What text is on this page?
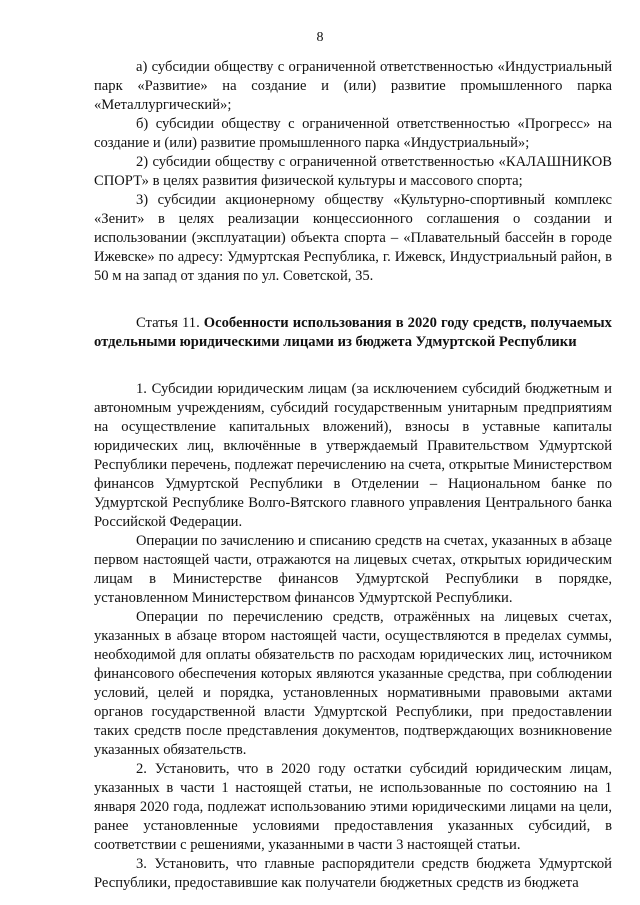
8

а) субсидии обществу с ограниченной ответственностью «Индустриальный парк «Развитие» на создание и (или) развитие промышленного парка «Металлургический»;

б) субсидии обществу с ограниченной ответственностью «Прогресс» на создание и (или) развитие промышленного парка «Индустриальный»;

2) субсидии обществу с ограниченной ответственностью «КАЛАШНИКОВ СПОРТ» в целях развития физической культуры и массового спорта;

3) субсидии акционерному обществу «Культурно-спортивный комплекс «Зенит» в целях реализации концессионного соглашения о создании и использовании (эксплуатации) объекта спорта – «Плавательный бассейн в городе Ижевске» по адресу: Удмуртская Республика, г. Ижевск, Индустриальный район, в 50 м на запад от здания по ул. Советской, 35.

Статья 11. Особенности использования в 2020 году средств, получаемых отдельными юридическими лицами из бюджета Удмуртской Республики

1. Субсидии юридическим лицам (за исключением субсидий бюджетным и автономным учреждениям, субсидий государственным унитарным предприятиям на осуществление капитальных вложений), взносы в уставные капиталы юридических лиц, включённые в утверждаемый Правительством Удмуртской Республики перечень, подлежат перечислению на счета, открытые Министерством финансов Удмуртской Республики в Отделении – Национальном банке по Удмуртской Республике Волго-Вятского главного управления Центрального банка Российской Федерации.

Операции по зачислению и списанию средств на счетах, указанных в абзаце первом настоящей части, отражаются на лицевых счетах, открытых юридическим лицам в Министерстве финансов Удмуртской Республики в порядке, установленном Министерством финансов Удмуртской Республики.

Операции по перечислению средств, отражённых на лицевых счетах, указанных в абзаце втором настоящей части, осуществляются в пределах суммы, необходимой для оплаты обязательств по расходам юридических лиц, источником финансового обеспечения которых являются указанные средства, при соблюдении условий, целей и порядка, установленных нормативными правовыми актами органов государственной власти Удмуртской Республики, при предоставлении таких средств после представления документов, подтверждающих возникновение указанных обязательств.

2. Установить, что в 2020 году остатки субсидий юридическим лицам, указанных в части 1 настоящей статьи, не использованные по состоянию на 1 января 2020 года, подлежат использованию этими юридическими лицами на цели, ранее установленные условиями предоставления указанных субсидий, в соответствии с решениями, указанными в части 3 настоящей статьи.

3. Установить, что главные распорядители средств бюджета Удмуртской Республики, предоставившие как получатели бюджетных средств из бюджета
